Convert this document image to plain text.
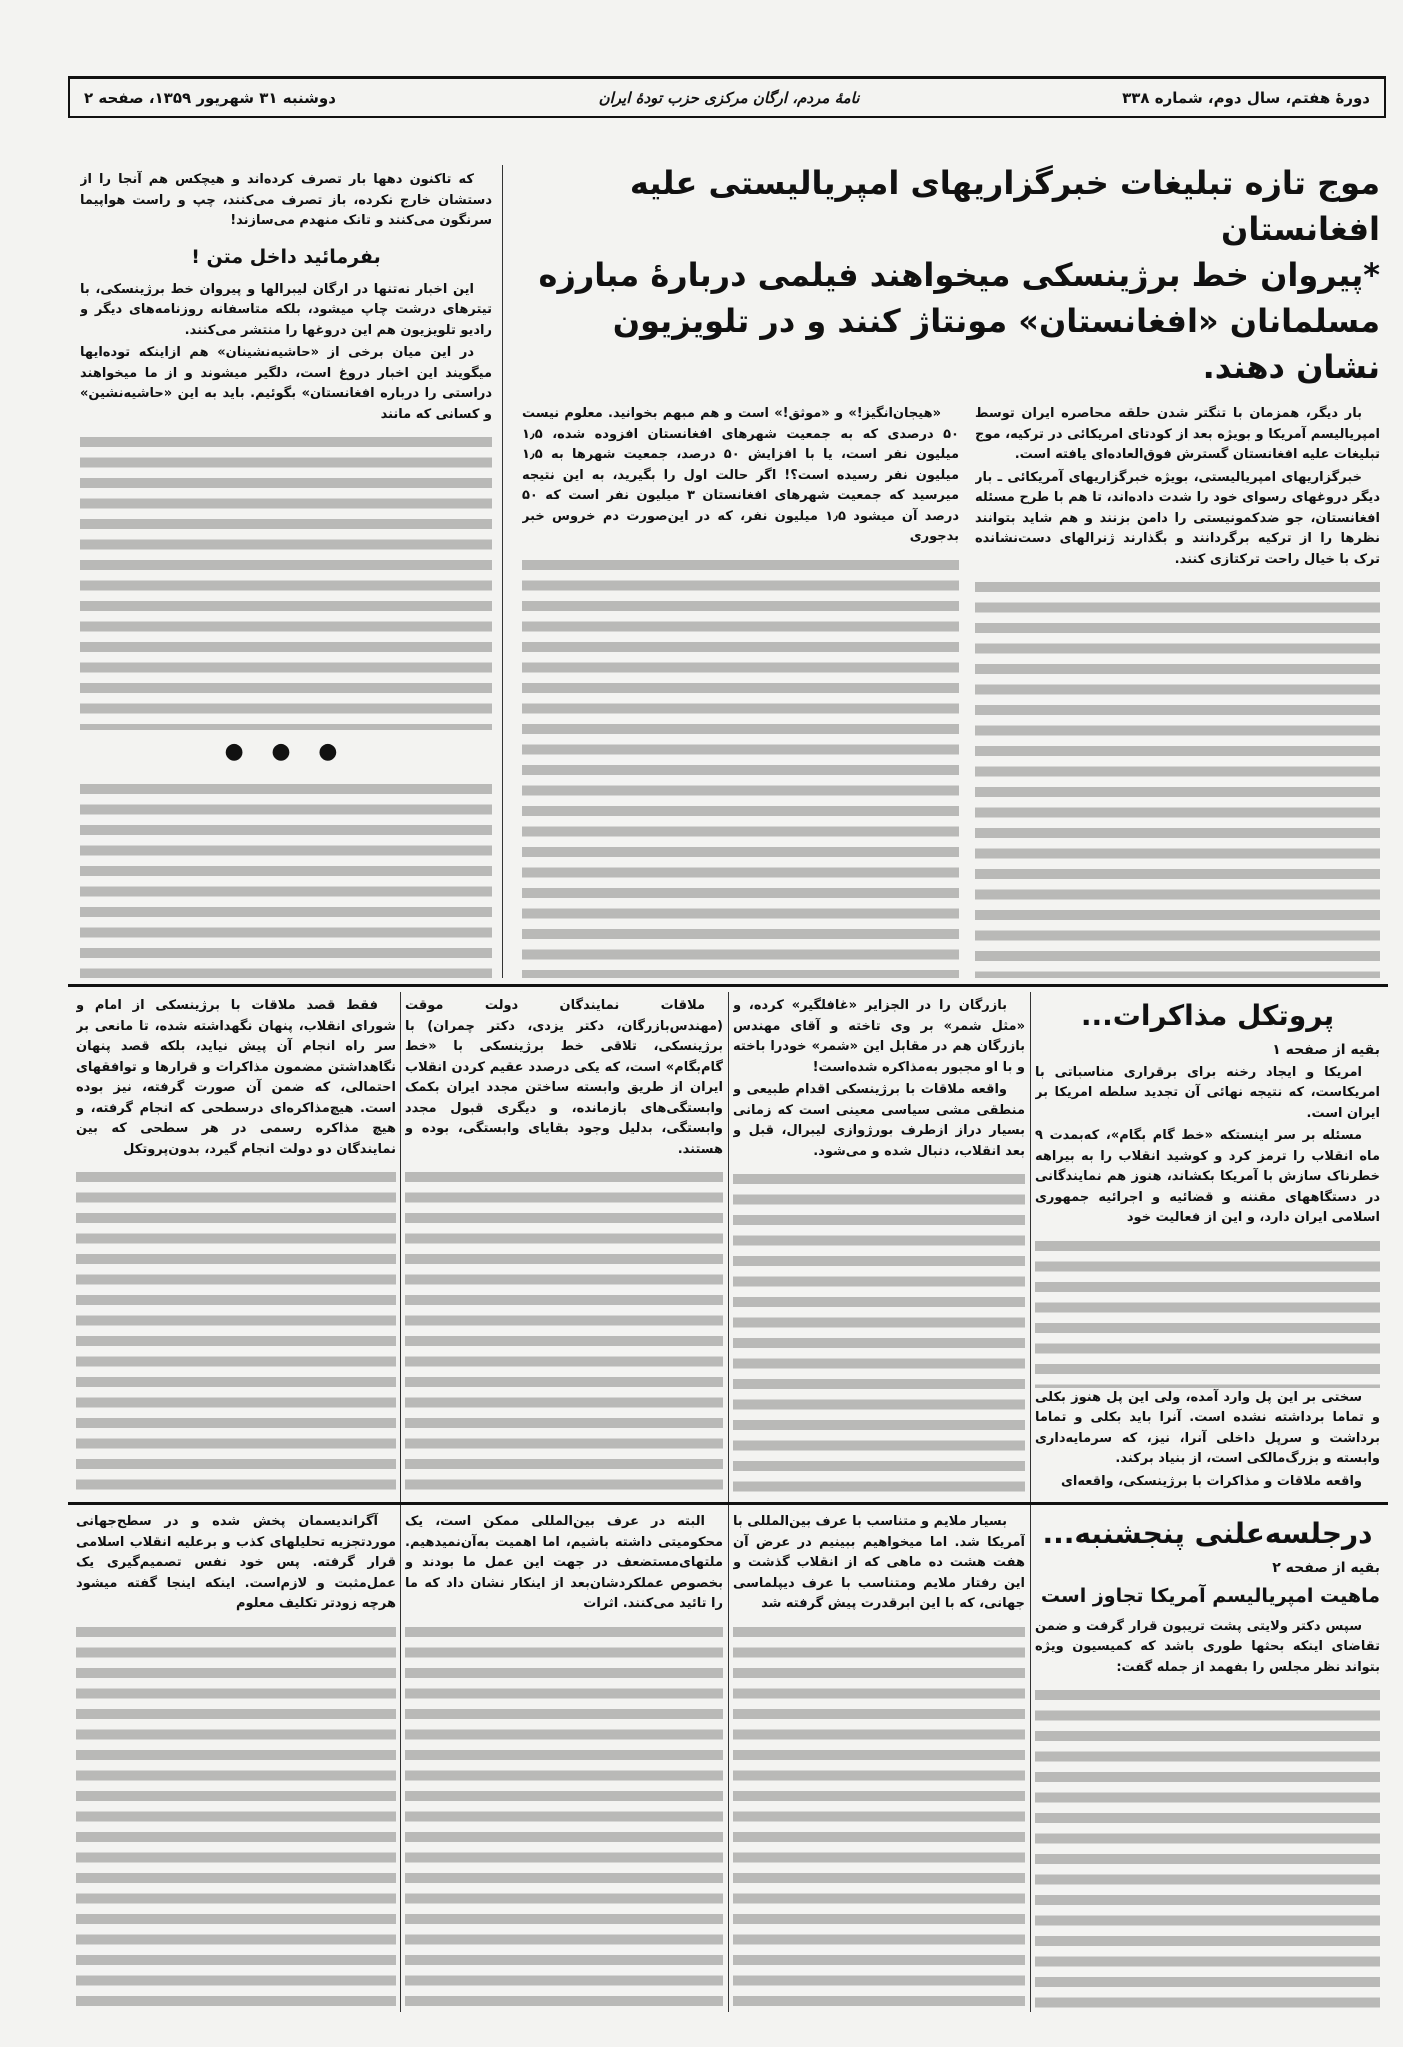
دورهٔ هفتم، سال دوم، شماره ۳۳۸
نامهٔ مردم، ارگان مرکزی حزب تودهٔ ایران
دوشنبه ۳۱ شهریور ۱۳۵۹، صفحه ۲
موج تازه تبلیغات خبرگزاریهای امپریالیستی علیه افغانستان
*پیروان خط برژینسکی میخواهند فیلمی دربارهٔ مبارزه مسلمانان «افغانستان» مونتاژ کنند و در تلویزیون نشان دهند.

بار دیگر، همزمان با تنگتر شدن حلقه محاصره ایران توسط امپریالیسم آمریکا و بویژه بعد از کودتای امریکائی در ترکیه، موج تبلیغات علیه افغانستان گسترش فوق‌العاده‌ای یافته است.

خبرگزاریهای امپریالیستی، بویژه خبرگزاریهای آمریکائی ـ بار دیگر دروغهای رسوای خود را شدت داده‌اند، تا هم با طرح مسئله افغانستان، جو ضدکمونیستی را دامن بزنند و هم شاید بتوانند نظرها را از ترکیه برگردانند و بگذارند ژنرالهای دست‌نشانده ترک با خیال راحت ترکتازی کنند.

«هیجان‌انگیز!» و «موثق!» است و هم مبهم بخوانید. معلوم نیست ۵۰ درصدی که به جمعیت شهرهای افغانستان افزوده شده، ۱٫۵ میلیون نفر است، یا با افزایش ۵۰ درصد، جمعیت شهرها به ۱٫۵ میلیون نفر رسیده است؟! اگر حالت اول را بگیرید، به این نتیجه میرسید که جمعیت شهرهای افغانستان ۳ میلیون نفر است که ۵۰ درصد آن میشود ۱٫۵ میلیون نفر، که در این‌صورت دم خروس خبر بدجوری

که تاکنون دهها بار تصرف کرده‌اند و هیچکس هم آنجا را از دستشان خارج نکرده، باز تصرف می‌کنند، چپ و راست هواپیما سرنگون می‌کنند و تانک منهدم می‌سازند!

بفرمائید داخل متن !

این اخبار نه‌تنها در ارگان لیبرالها و پیروان خط برژینسکی، با تیترهای درشت چاپ میشود، بلکه متاسفانه روزنامه‌های دیگر و رادیو تلویزیون هم این دروغها را منتشر می‌کنند.

در این میان برخی از «حاشیه‌نشینان» هم ازاینکه توده‌ایها میگویند این اخبار دروغ است، دلگیر میشوند و از ما میخواهند دراستی را درباره افغانستان» بگوئیم. باید به این «حاشیه‌نشین» و کسانی که مانند

● ● ●
پروتکل مذاکرات...
بقیه از صفحه ۱

امریکا و ایجاد رخنه برای برقراری مناسباتی با امریکاست، که نتیجه نهائی آن تجدید سلطه امریکا بر ایران است.

مسئله بر سر اینستکه «خط گام بگام»، که‌بمدت ۹ ماه انقلاب را ترمز کرد و کوشید انقلاب را به بیراهه خطرناک سازش با آمریکا بکشاند، هنوز هم نمایندگانی در دستگاههای مقننه و قضائیه و اجرائیه جمهوری اسلامی ایران دارد، و این از فعالیت خود

سختی بر این پل وارد آمده، ولی این پل هنوز بکلی و تماما برداشته نشده است. آنرا باید بکلی و تماما برداشت و سرپل داخلی آنرا، نیز، که سرمایه‌داری وابسته و بزرگ‌مالکی است، از بنیاد برکند.

واقعه ملاقات و مذاکرات با برژینسکی، واقعه‌ای

بازرگان را در الجزایر «غافلگیر» کرده، و «مثل شمر» بر وی تاخته و آقای مهندس بازرگان هم در مقابل این «شمر» خودرا باخته و با او مجبور به‌مذاکره شده‌است!

واقعه ملاقات با برژینسکی اقدام طبیعی و منطقی مشی سیاسی معینی است که زمانی بسیار دراز ازطرف بورژوازی لیبرال، قبل و بعد انقلاب، دنبال شده و می‌شود.

ملاقات نمایندگان دولت موقت (مهندس‌بازرگان، دکتر یزدی، دکتر چمران) با برژینسکی، تلاقی خط برژینسکی با «خط گام‌بگام» است، که یکی درصدد عقیم کردن انقلاب ایران از طریق وابسته ساختن مجدد ایران بکمک وابستگی‌های بازمانده، و دیگری قبول مجدد وابستگی، بدلیل وجود بقایای وابستگی، بوده و هستند.

فقط قصد ملاقات با برژینسکی از امام و شورای انقلاب، پنهان نگهداشته شده، تا مانعی بر سر راه انجام آن پیش نیاید، بلکه قصد پنهان نگاهداشتن مضمون مذاکرات و قرارها و توافقهای احتمالی، که ضمن آن صورت گرفته، نیز بوده است. هیچ‌مذاکره‌ای درسطحی که انجام گرفته، و هیچ مذاکره رسمی در هر سطحی که بین نمایندگان دو دولت انجام گیرد، بدون‌پروتکل

درجلسه‌علنی پنجشنبه...
بقیه از صفحه ۲
ماهیت امپریالیسم آمریکا تجاوز است

سپس دکتر ولایتی پشت تریبون قرار گرفت و ضمن تقاضای اینکه بحثها طوری باشد که کمیسیون ویژه بتواند نظر مجلس را بفهمد از جمله گفت:

بسیار ملایم و متناسب با عرف بین‌المللی با آمریکا شد. اما میخواهیم ببینیم در عرض آن هفت هشت ده ماهی که از انقلاب گذشت و این رفتار ملایم ومتناسب با عرف دیپلماسی جهانی، که با این ابرقدرت پیش گرفته شد

البته در عرف بین‌المللی ممکن است، یک محکومیتی داشته باشیم، اما اهمیت به‌آن‌نمیدهیم. ملتهای‌مستضعف در جهت این عمل ما بودند و بخصوص عملکردشان‌بعد از اینکار نشان داد که ما را تائید می‌کنند. اثرات

آگراندیسمان پخش شده و در سطح‌جهانی موردتجزیه تحلیلهای کذب و برعلیه انقلاب اسلامی قرار گرفته. پس خود نفس تصمیم‌گیری یک عمل‌مثبت و لازم‌است. اینکه اینجا گفته میشود هرچه زودتر تکلیف معلوم
